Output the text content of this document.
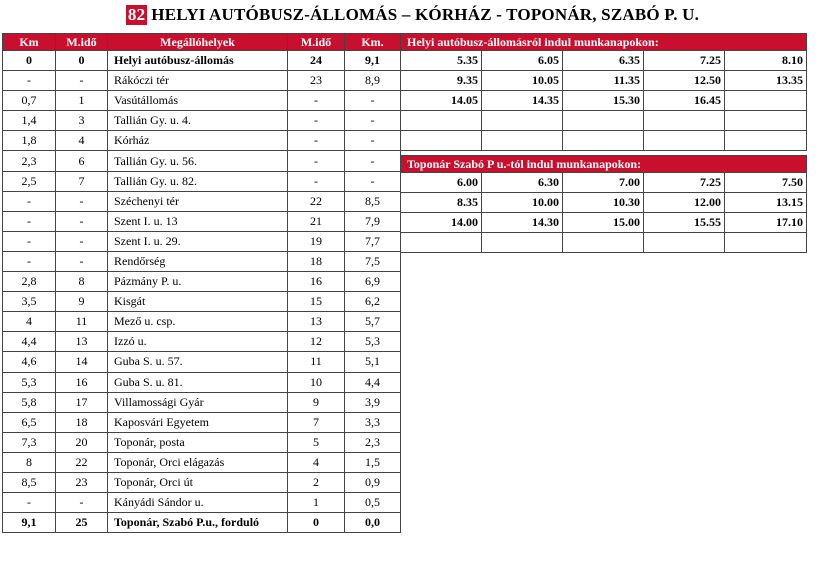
82 HELYI AUTÓBUSZ-ÁLLOMÁS – KÓRHÁZ - TOPONÁR, SZABÓ P. U.
Km	M.idő	Megállóhelyek	M.idő	Km.
0	0	Helyi autóbusz-állomás	24	9,1
-	-	Rákóczi tér	23	8,9
0,7	1	Vasútállomás	-	-
1,4	3	Tallián Gy. u. 4.	-	-
1,8	4	Kórház	-	-
2,3	6	Tallián Gy. u. 56.	-	-
2,5	7	Tallián Gy. u. 82.	-	-
-	-	Széchenyi tér	22	8,5
-	-	Szent I. u. 13	21	7,9
-	-	Szent I. u. 29.	19	7,7
-	-	Rendőrség	18	7,5
2,8	8	Pázmány P. u.	16	6,9
3,5	9	Kisgát	15	6,2
4	11	Mező u. csp.	13	5,7
4,4	13	Izzó u.	12	5,3
4,6	14	Guba S. u. 57.	11	5,1
5,3	16	Guba S. u. 81.	10	4,4
5,8	17	Villamossági Gyár	9	3,9
6,5	18	Kaposvári Egyetem	7	3,3
7,3	20	Toponár, posta	5	2,3
8	22	Toponár, Orci elágazás	4	1,5
8,5	23	Toponár, Orci út	2	0,9
-	-	Kányádi Sándor u.	1	0,5
9,1	25	Toponár, Szabó P.u., forduló	0	0,0
Helyi autóbusz-állomásról indul munkanapokon:				
5.35	6.05	6.35	7.25	8.10
9.35	10.05	11.35	12.50	13.35
14.05	14.35	15.30	16.45	

Toponár Szabó P u.-tól indul munkanapokon:				
6.00	6.30	7.00	7.25	7.50
8.35	10.00	10.30	12.00	13.15
14.00	14.30	15.00	15.55	17.10
